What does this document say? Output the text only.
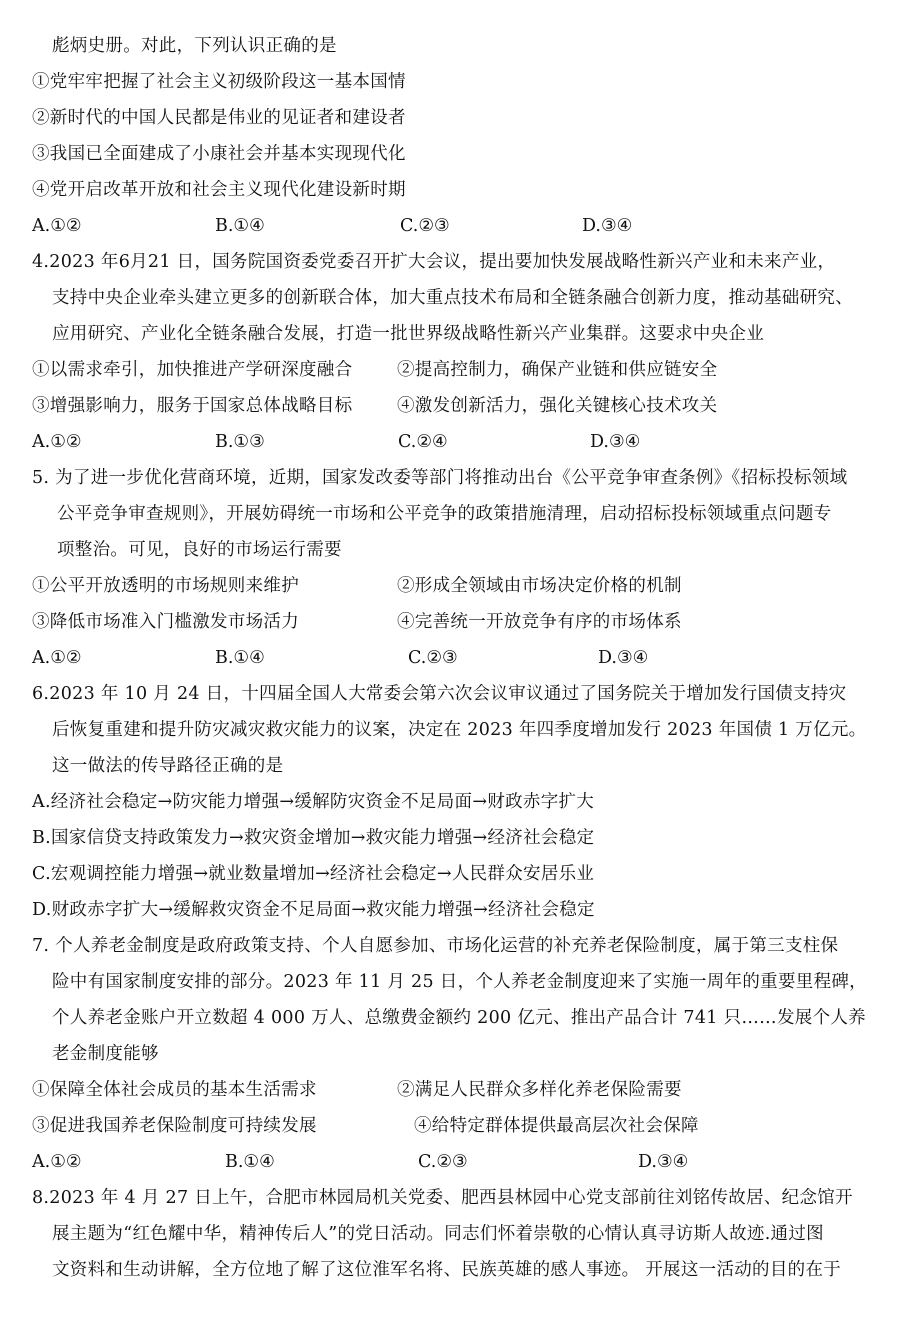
彪炳史册。对此，下列认识正确的是
①党牢牢把握了社会主义初级阶段这一基本国情
②新时代的中国人民都是伟业的见证者和建设者
③我国已全面建成了小康社会并基本实现现代化
④党开启改革开放和社会主义现代化建设新时期
A.①②	B.①④	C.②③	D.③④
4.2023 年6月21 日，国务院国资委党委召开扩大会议，提出要加快发展战略性新兴产业和未来产业，
支持中央企业牵头建立更多的创新联合体，加大重点技术布局和全链条融合创新力度，推动基础研究、
应用研究、产业化全链条融合发展，打造一批世界级战略性新兴产业集群。这要求中央企业
①以需求牵引，加快推进产学研深度融合	②提高控制力，确保产业链和供应链安全
③增强影响力，服务于国家总体战略目标	④激发创新活力，强化关键核心技术攻关
A.①②	B.①③	C.②④	D.③④
5. 为了进一步优化营商环境，近期，国家发改委等部门将推动出台《公平竞争审查条例》《招标投标领域
公平竞争审查规则》，开展妨碍统一市场和公平竞争的政策措施清理，启动招标投标领域重点问题专
项整治。可见，良好的市场运行需要
①公平开放透明的市场规则来维护	②形成全领域由市场决定价格的机制
③降低市场准入门槛激发市场活力	④完善统一开放竞争有序的市场体系
A.①②	B.①④	C.②③	D.③④
6.2023 年 10 月 24 日，十四届全国人大常委会第六次会议审议通过了国务院关于增加发行国债支持灾
后恢复重建和提升防灾减灾救灾能力的议案，决定在 2023 年四季度增加发行 2023 年国债 1 万亿元。
这一做法的传导路径正确的是
A.经济社会稳定→防灾能力增强→缓解防灾资金不足局面→财政赤字扩大
B.国家信贷支持政策发力→救灾资金增加→救灾能力增强→经济社会稳定
C.宏观调控能力增强→就业数量增加→经济社会稳定→人民群众安居乐业
D.财政赤字扩大→缓解救灾资金不足局面→救灾能力增强→经济社会稳定
7. 个人养老金制度是政府政策支持、个人自愿参加、市场化运营的补充养老保险制度，属于第三支柱保
险中有国家制度安排的部分。2023 年 11 月 25 日，个人养老金制度迎来了实施一周年的重要里程碑，
个人养老金账户开立数超 4 000 万人、总缴费金额约 200 亿元、推出产品合计 741 只……发展个人养
老金制度能够
①保障全体社会成员的基本生活需求	②满足人民群众多样化养老保险需要
③促进我国养老保险制度可持续发展	④给特定群体提供最高层次社会保障
A.①②	B.①④	C.②③	D.③④
8.2023 年 4 月 27 日上午，合肥市林园局机关党委、肥西县林园中心党支部前往刘铭传故居、纪念馆开
展主题为“红色耀中华，精神传后人”的党日活动。同志们怀着崇敬的心情认真寻访斯人故迹.通过图
文资料和生动讲解，全方位地了解了这位淮军名将、民族英雄的感人事迹。 开展这一活动的目的在于
